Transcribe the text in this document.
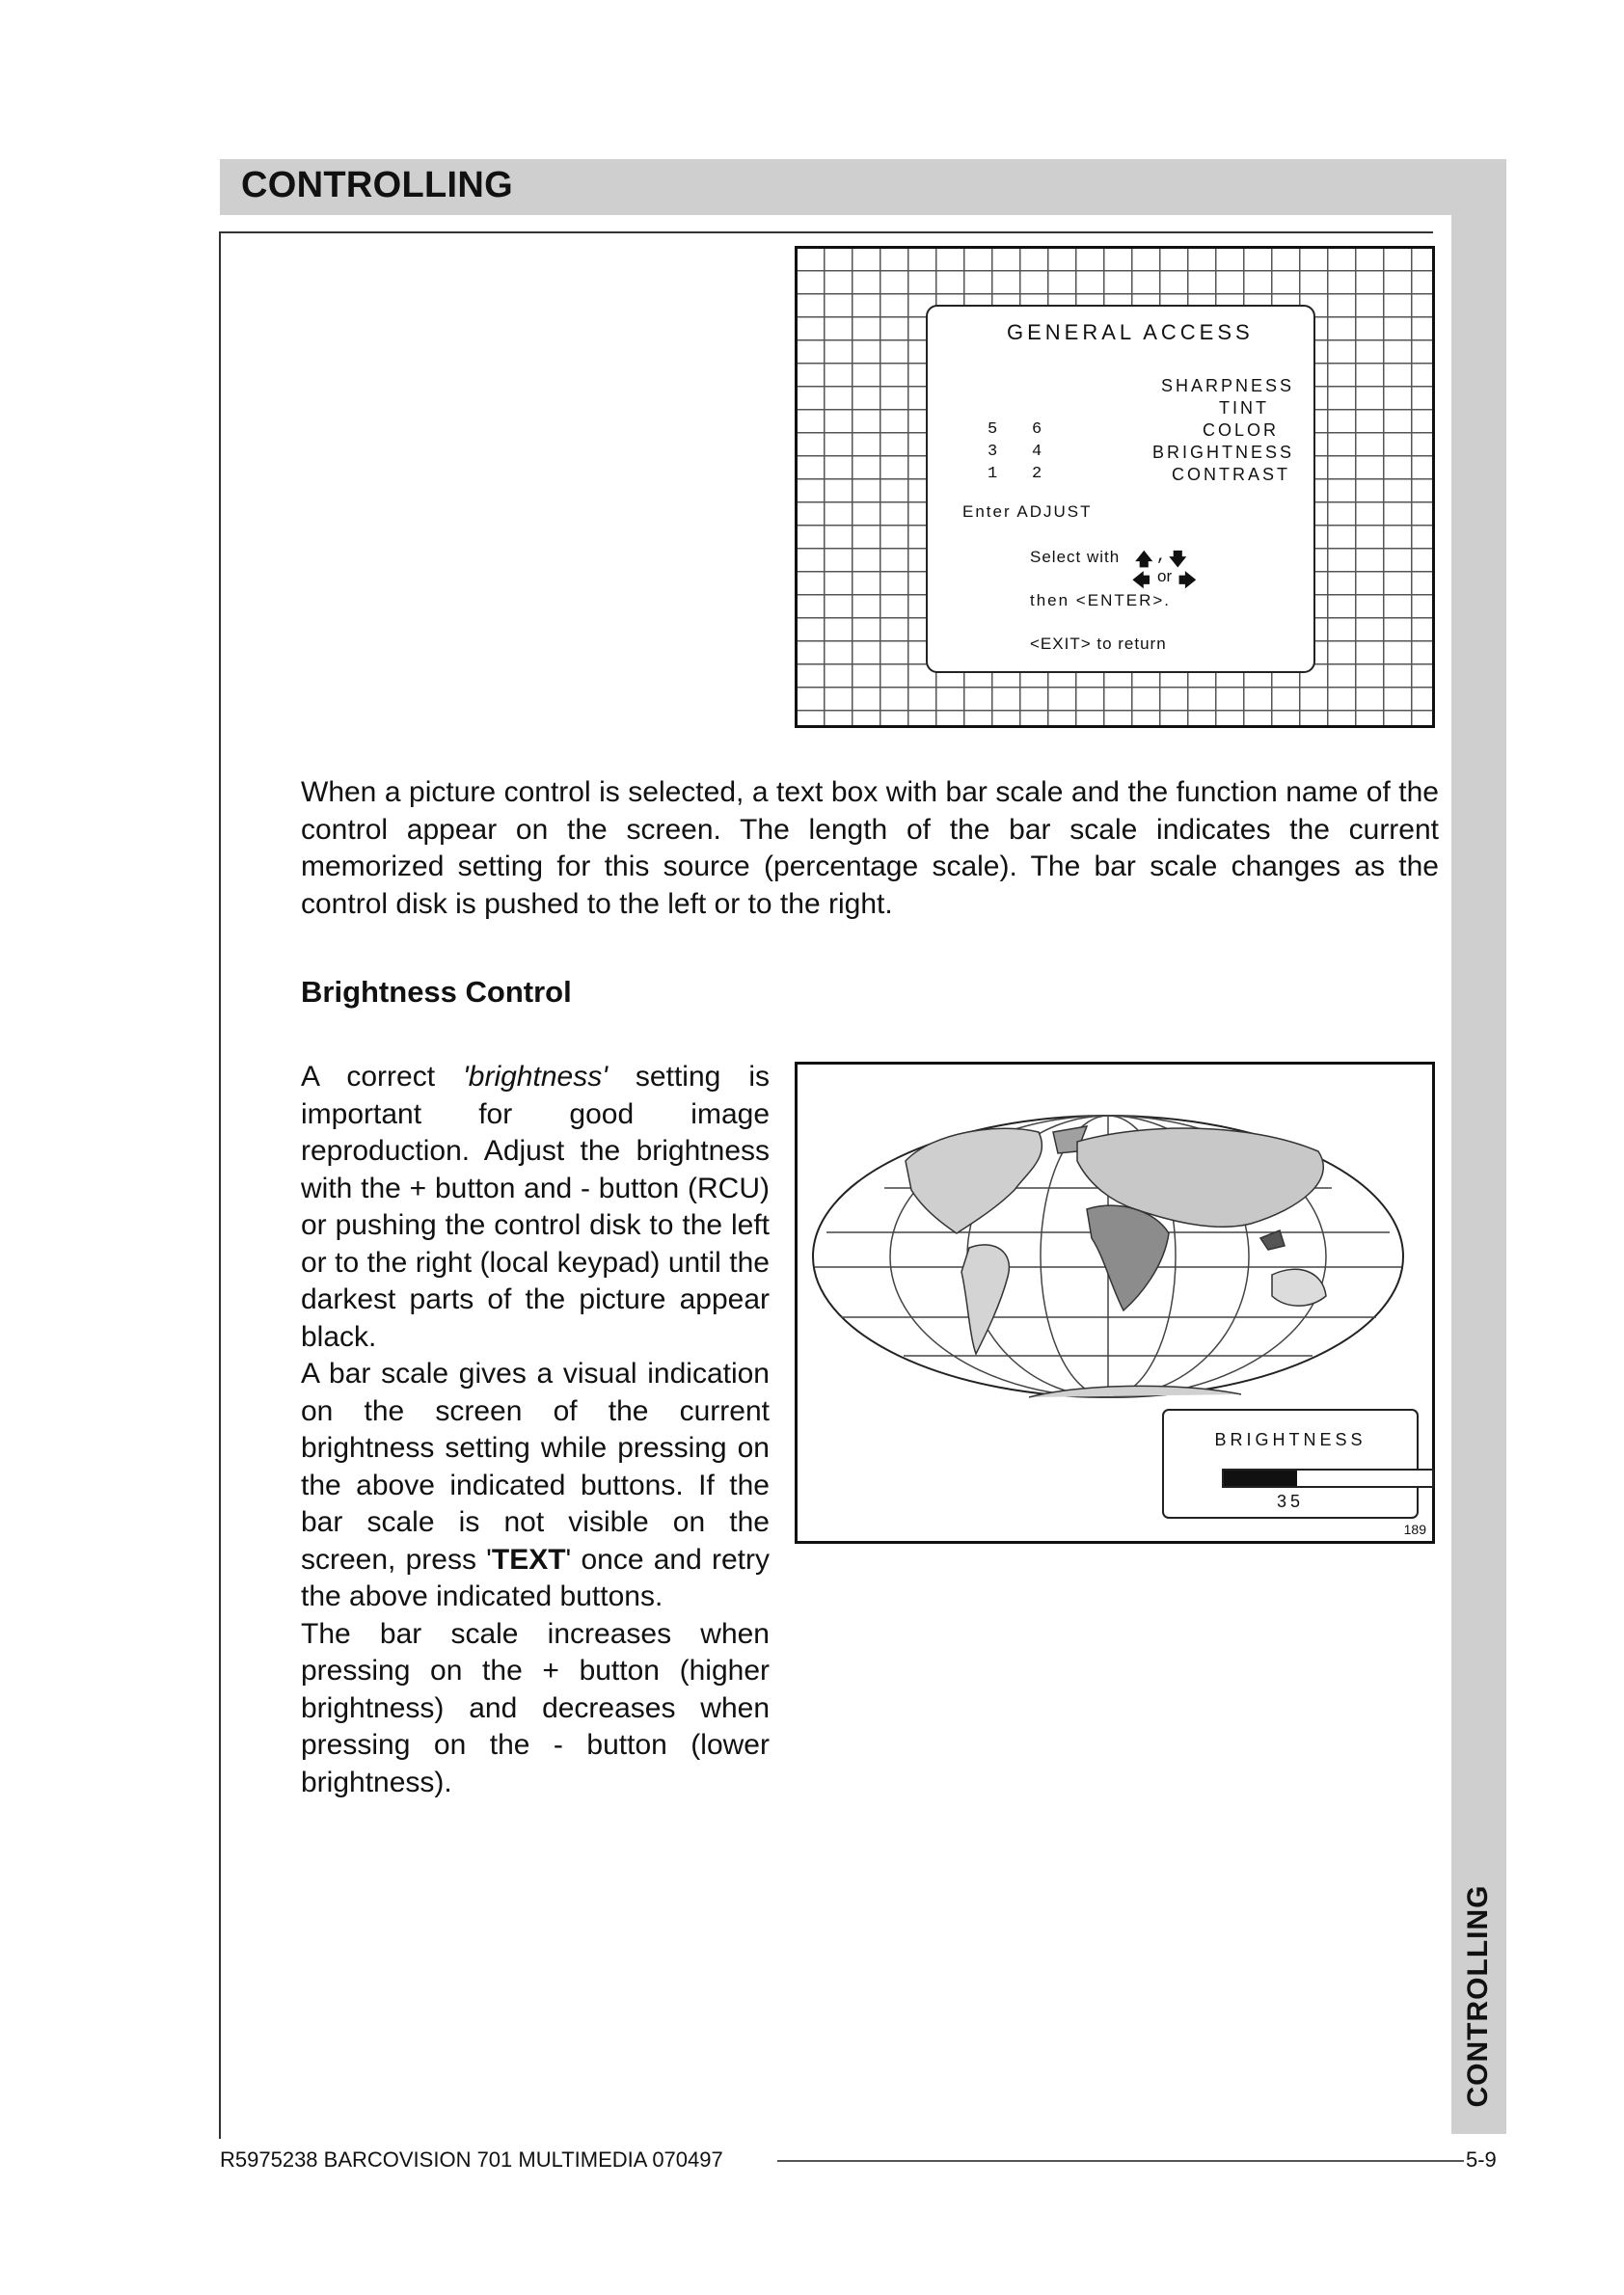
CONTROLLING
CONTROLLING
GENERAL ACCESS
SHARPNESS
TINT
COLOR
BRIGHTNESS
CONTRAST
5
3
1
6
4
2
Enter ADJUST
Select with 🡅 , 🡇
🡄 or 🡆
then <ENTER>.
<EXIT> to return
When a picture control is selected, a text box with bar scale and the function name of the control appear on the screen. The length of the bar scale indicates the current memorized setting for this source (percentage scale). The bar scale changes as the control disk is pushed to the left or to the right.
Brightness Control

A correct 'brightness' setting is important for good image reproduction. Adjust the brightness with the + button and - button (RCU) or pushing the control disk to the left or to the right (local keypad) until the darkest parts of the picture appear black.

A bar scale gives a visual indication on the screen of the current brightness setting while pressing on the above indicated buttons. If the bar scale is not visible on the screen, press 'TEXT' once and retry the above indicated buttons.

The bar scale increases when pressing on the + button (higher brightness) and decreases when pressing on the - button (lower brightness).

BRIGHTNESS
35
189
R5975238 BARCOVISION 701 MULTIMEDIA 070497	5-9
